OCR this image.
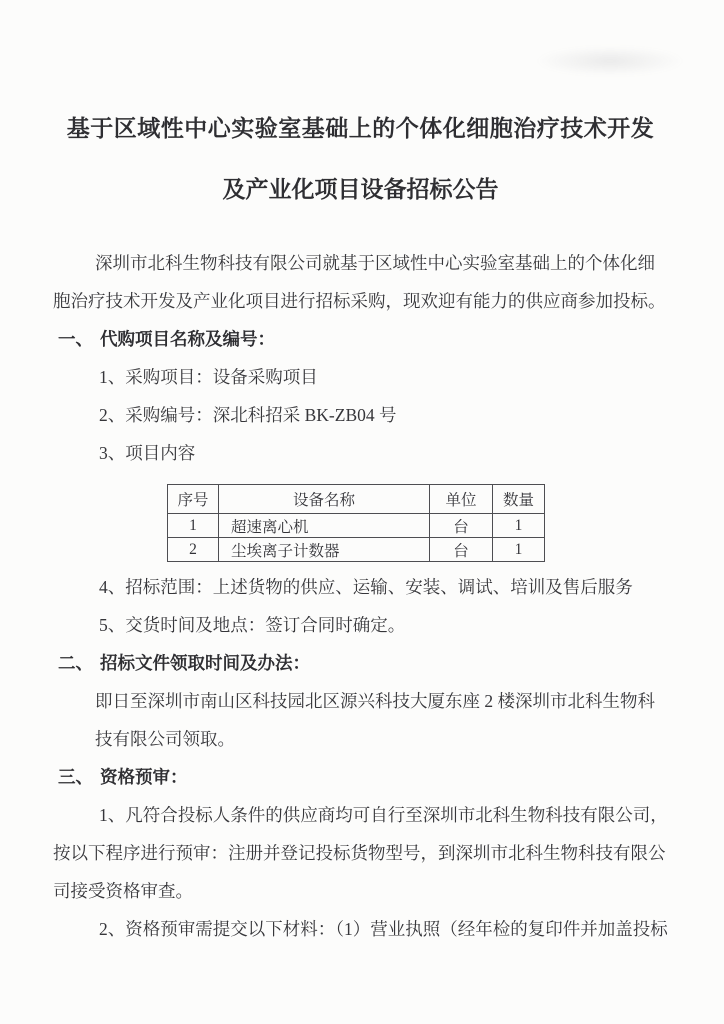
基于区域性中心实验室基础上的个体化细胞治疗技术开发
及产业化项目设备招标公告
深圳市北科生物科技有限公司就基于区域性中心实验室基础上的个体化细
胞治疗技术开发及产业化项目进行招标采购，现欢迎有能力的供应商参加投标。
一、 代购项目名称及编号：
1、采购项目：设备采购项目
2、采购编号：深北科招采 BK-ZB04 号
3、项目内容
序号	设备名称	单位	数量
1	超速离心机	台	1
2	尘埃离子计数器	台	1
4、招标范围：上述货物的供应、运输、安装、调试、培训及售后服务
5、交货时间及地点：签订合同时确定。
二、 招标文件领取时间及办法：
即日至深圳市南山区科技园北区源兴科技大厦东座 2 楼深圳市北科生物科
技有限公司领取。
三、 资格预审：
1、凡符合投标人条件的供应商均可自行至深圳市北科生物科技有限公司，
按以下程序进行预审：注册并登记投标货物型号，到深圳市北科生物科技有限公
司接受资格审查。
2、资格预审需提交以下材料：（1）营业执照（经年检的复印件并加盖投标
